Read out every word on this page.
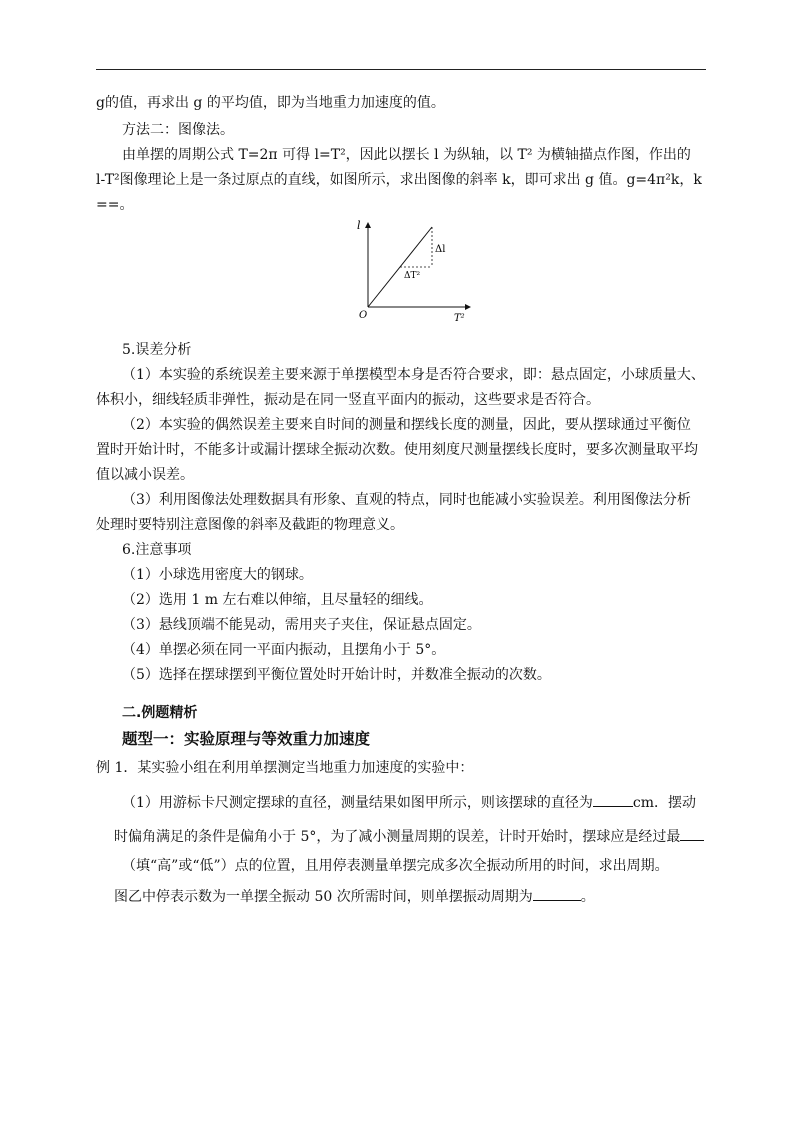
g的值，再求出 g 的平均值，即为当地重力加速度的值。
方法二：图像法。
由单摆的周期公式 T=2π 可得 l=T²，因此以摆长 l 为纵轴，以 T² 为横轴描点作图，作出的
l-T²图像理论上是一条过原点的直线，如图所示，求出图像的斜率 k，即可求出 g 值。g=4π²k，k
==。
l
T²
O
Δl
ΔT²
5.误差分析
（1）本实验的系统误差主要来源于单摆模型本身是否符合要求，即：悬点固定，小球质量大、
体积小，细线轻质非弹性，振动是在同一竖直平面内的振动，这些要求是否符合。
（2）本实验的偶然误差主要来自时间的测量和摆线长度的测量，因此，要从摆球通过平衡位
置时开始计时，不能多计或漏计摆球全振动次数。使用刻度尺测量摆线长度时，要多次测量取平均
值以减小误差。
（3）利用图像法处理数据具有形象、直观的特点，同时也能减小实验误差。利用图像法分析
处理时要特别注意图像的斜率及截距的物理意义。
6.注意事项
（1）小球选用密度大的钢球。
（2）选用 1 m 左右难以伸缩，且尽量轻的细线。
（3）悬线顶端不能晃动，需用夹子夹住，保证悬点固定。
（4）单摆必须在同一平面内振动，且摆角小于 5°。
（5）选择在摆球摆到平衡位置处时开始计时，并数准全振动的次数。
二.例题精析
题型一：实验原理与等效重力加速度
例 1．某实验小组在利用单摆测定当地重力加速度的实验中：
（1）用游标卡尺测定摆球的直径，测量结果如图甲所示，则该摆球的直径为	cm．摆动
时偏角满足的条件是偏角小于 5°，为了减小测量周期的误差，计时开始时，摆球应是经过最
（填“高”或“低”）点的位置，且用停表测量单摆完成多次全振动所用的时间，求出周期。
图乙中停表示数为一单摆全振动 50 次所需时间，则单摆振动周期为	。
